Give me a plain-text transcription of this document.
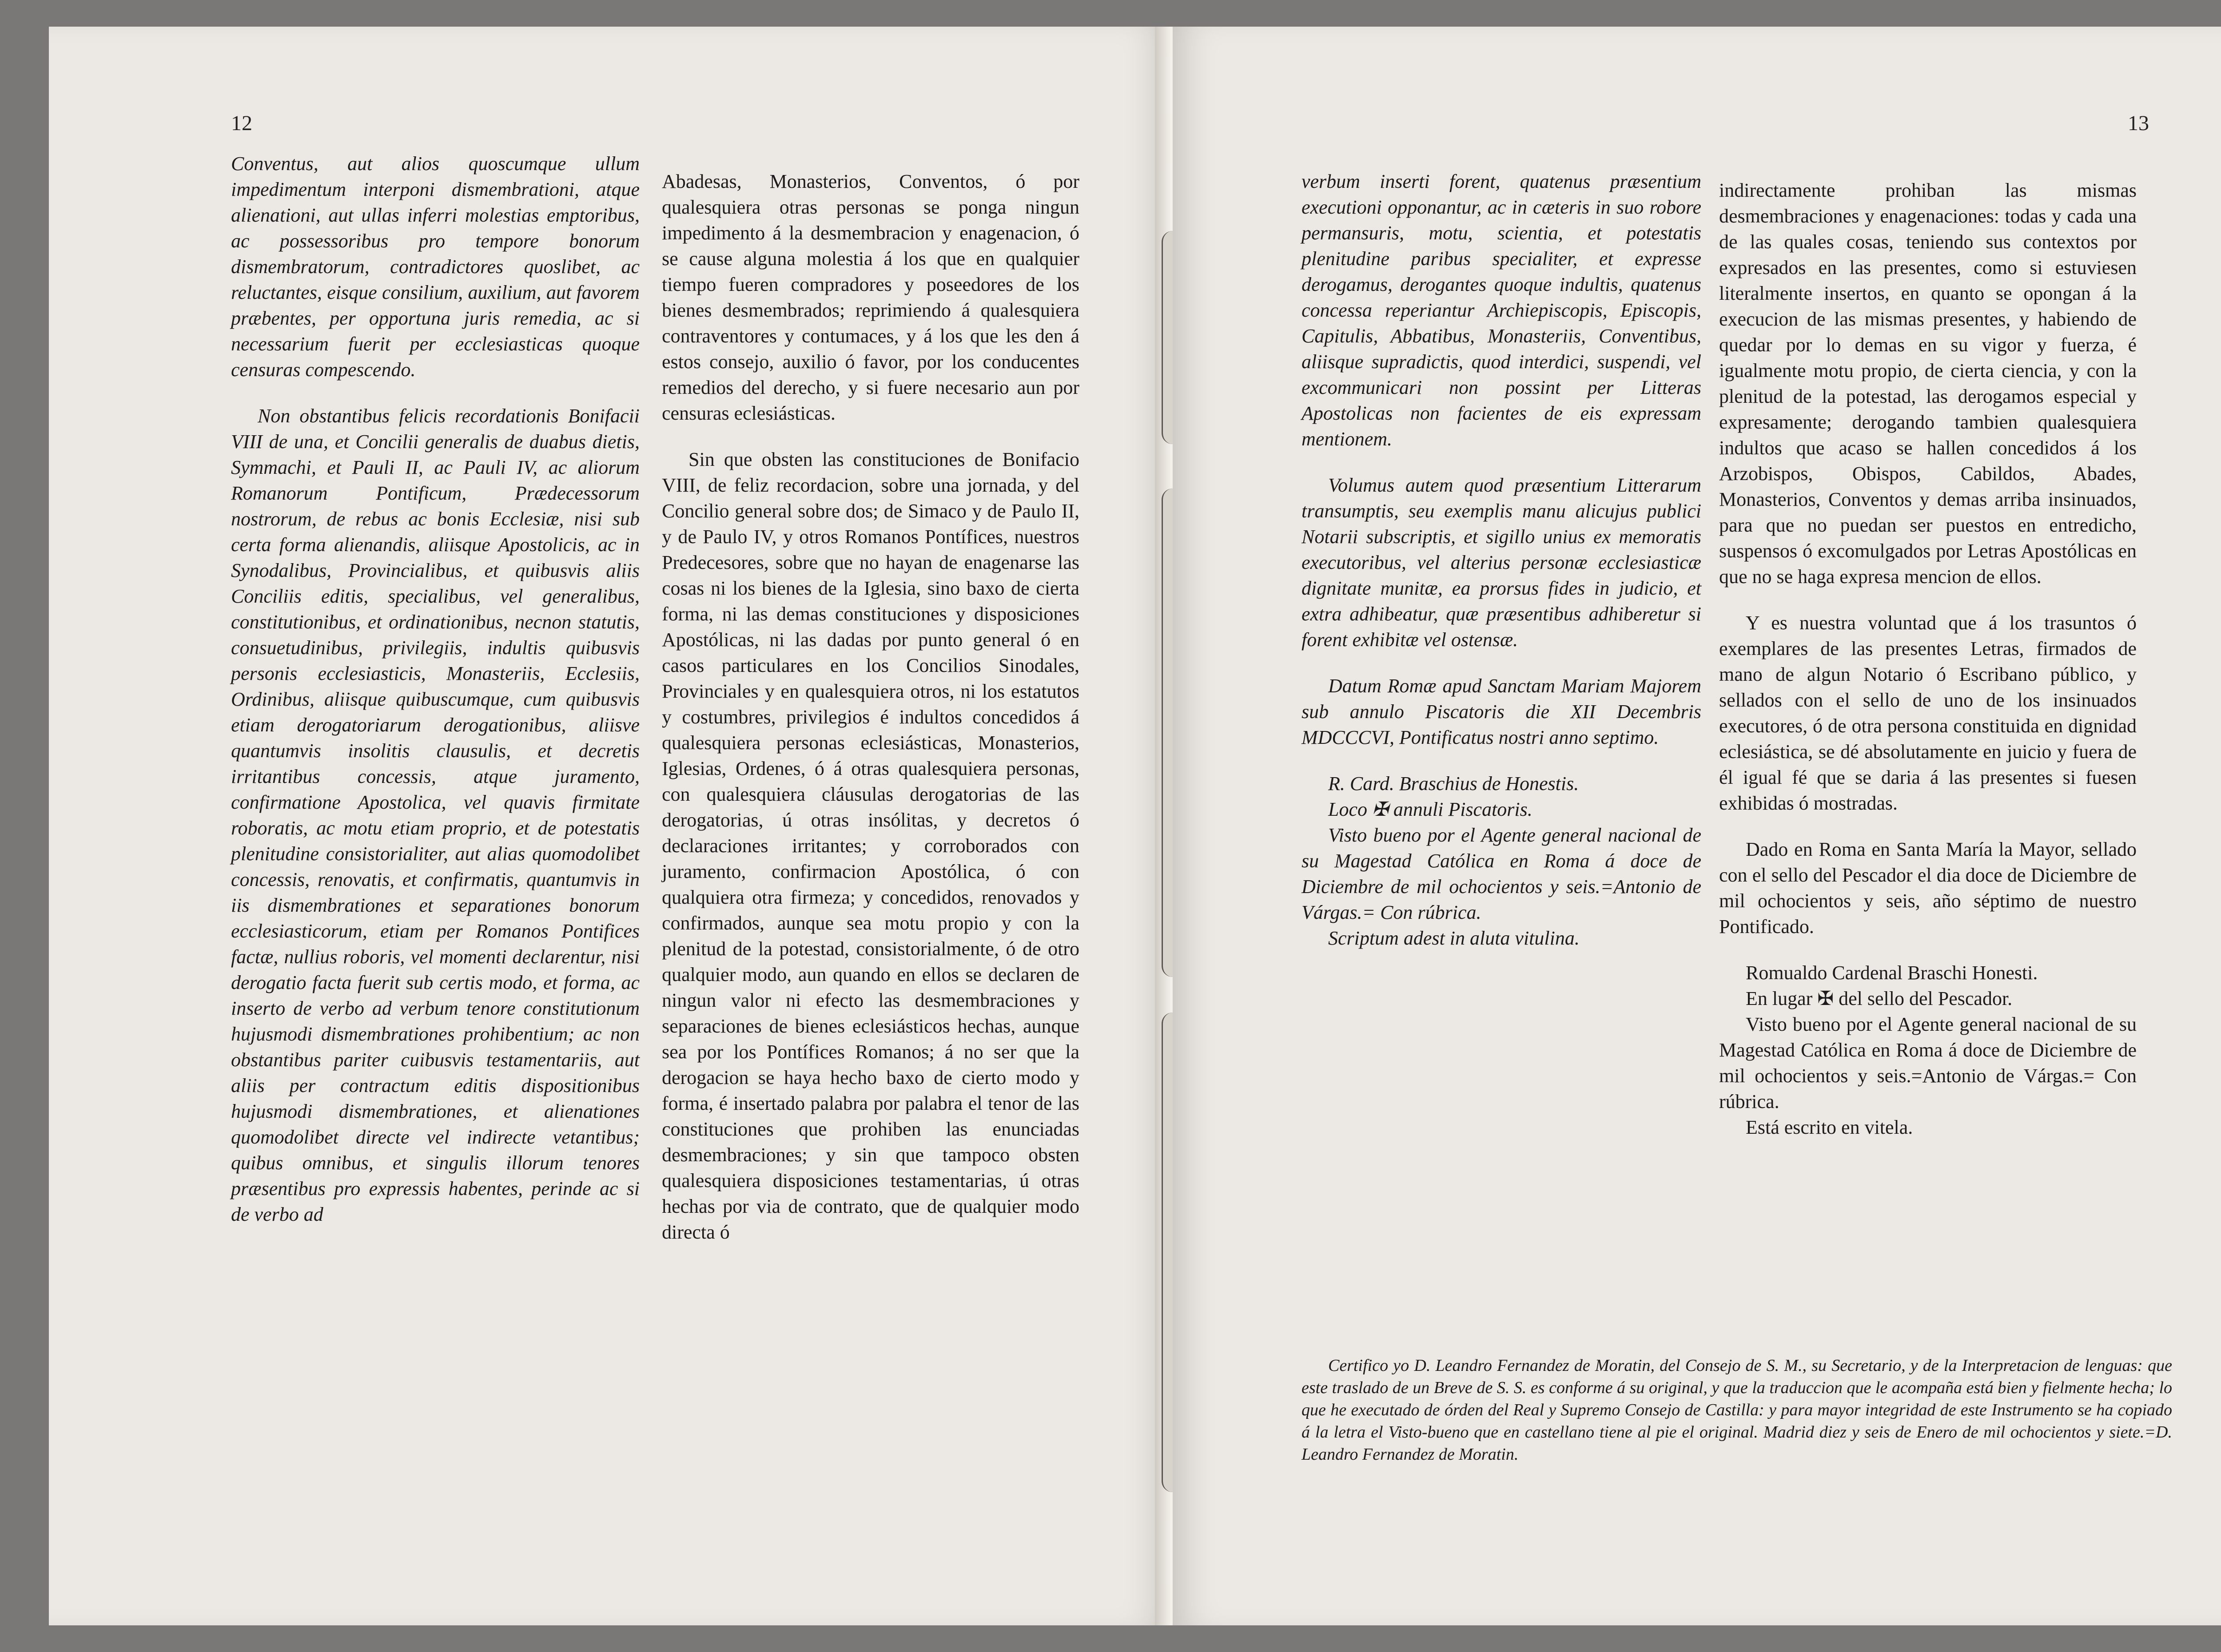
12

Conventus, aut alios quoscumque ullum impedimentum interponi dismembrationi, atque alienationi, aut ullas inferri molestias emptoribus, ac possessoribus pro tempore bonorum dismembratorum, contradictores quoslibet, ac reluctantes, eisque consilium, auxilium, aut favorem præbentes, per opportuna juris remedia, ac si necessarium fuerit per ecclesiasticas quoque censuras compescendo.

Non obstantibus felicis recordationis Bonifacii VIII de una, et Concilii generalis de duabus dietis, Symmachi, et Pauli II, ac Pauli IV, ac aliorum Romanorum Pontificum, Prædecessorum nostrorum, de rebus ac bonis Ecclesiæ, nisi sub certa forma alienandis, aliisque Apostolicis, ac in Synodalibus, Provincialibus, et quibusvis aliis Conciliis editis, specialibus, vel generalibus, constitutionibus, et ordinationibus, necnon statutis, consuetudinibus, privilegiis, indultis quibusvis personis ecclesiasticis, Monasteriis, Ecclesiis, Ordinibus, aliisque quibuscumque, cum quibusvis etiam derogatoriarum derogationibus, aliisve quantumvis insolitis clausulis, et decretis irritantibus concessis, atque juramento, confirmatione Apostolica, vel quavis firmitate roboratis, ac motu etiam proprio, et de potestatis plenitudine consistorialiter, aut alias quomodolibet concessis, renovatis, et confirmatis, quantumvis in iis dismembrationes et separationes bonorum ecclesiasticorum, etiam per Romanos Pontifices factæ, nullius roboris, vel momenti declarentur, nisi derogatio facta fuerit sub certis modo, et forma, ac inserto de verbo ad verbum tenore constitutionum hujusmodi dismembrationes prohibentium; ac non obstantibus pariter cuibusvis testamentariis, aut aliis per contractum editis dispositionibus hujusmodi dismembrationes, et alienationes quomodolibet directe vel indirecte vetantibus; quibus omnibus, et singulis illorum tenores præsentibus pro expressis habentes, perinde ac si de verbo ad

Abadesas, Monasterios, Conventos, ó por qualesquiera otras personas se ponga ningun impedimento á la desmembracion y enagenacion, ó se cause alguna molestia á los que en qualquier tiempo fueren compradores y poseedores de los bienes desmembrados; reprimiendo á qualesquiera contraventores y contumaces, y á los que les den á estos consejo, auxilio ó favor, por los conducentes remedios del derecho, y si fuere necesario aun por censuras eclesiásticas.

Sin que obsten las constituciones de Bonifacio VIII, de feliz recordacion, sobre una jornada, y del Concilio general sobre dos; de Simaco y de Paulo II, y de Paulo IV, y otros Romanos Pontífices, nuestros Predecesores, sobre que no hayan de enagenarse las cosas ni los bienes de la Iglesia, sino baxo de cierta forma, ni las demas constituciones y disposiciones Apostólicas, ni las dadas por punto general ó en casos particulares en los Concilios Sinodales, Provinciales y en qualesquiera otros, ni los estatutos y costumbres, privilegios é indultos concedidos á qualesquiera personas eclesiásticas, Monasterios, Iglesias, Ordenes, ó á otras qualesquiera personas, con qualesquiera cláusulas derogatorias de las derogatorias, ú otras insólitas, y decretos ó declaraciones irritantes; y corroborados con juramento, confirmacion Apostólica, ó con qualquiera otra firmeza; y concedidos, renovados y confirmados, aunque sea motu propio y con la plenitud de la potestad, consistorialmente, ó de otro qualquier modo, aun quando en ellos se declaren de ningun valor ni efecto las desmembraciones y separaciones de bienes eclesiásticos hechas, aunque sea por los Pontífices Romanos; á no ser que la derogacion se haya hecho baxo de cierto modo y forma, é insertado palabra por palabra el tenor de las constituciones que prohiben las enunciadas desmembraciones; y sin que tampoco obsten qualesquiera disposiciones testamentarias, ú otras hechas por via de contrato, que de qualquier modo directa ó

13

verbum inserti forent, quatenus præsentium executioni opponantur, ac in cæteris in suo robore permansuris, motu, scientia, et potestatis plenitudine paribus specialiter, et expresse derogamus, derogantes quoque indultis, quatenus concessa reperiantur Archiepiscopis, Episcopis, Capitulis, Abbatibus, Monasteriis, Conventibus, aliisque supradictis, quod interdici, suspendi, vel excommunicari non possint per Litteras Apostolicas non facientes de eis expressam mentionem.

Volumus autem quod præsentium Litterarum transumptis, seu exemplis manu alicujus publici Notarii subscriptis, et sigillo unius ex memoratis executoribus, vel alterius personæ ecclesiasticæ dignitate munitæ, ea prorsus fides in judicio, et extra adhibeatur, quæ præsentibus adhiberetur si forent exhibitæ vel ostensæ.

Datum Romæ apud Sanctam Mariam Majorem sub annulo Piscatoris die XII Decembris MDCCCVI, Pontificatus nostri anno septimo.

R. Card. Braschius de Honestis.

Loco ✠ annuli Piscatoris.

Visto bueno por el Agente general nacional de su Magestad Católica en Roma á doce de Diciembre de mil ochocientos y seis.=Antonio de Várgas.= Con rúbrica.

Scriptum adest in aluta vitulina.

indirectamente prohiban las mismas desmembraciones y enagenaciones: todas y cada una de las quales cosas, teniendo sus contextos por expresados en las presentes, como si estuviesen literalmente insertos, en quanto se opongan á la execucion de las mismas presentes, y habiendo de quedar por lo demas en su vigor y fuerza, é igualmente motu propio, de cierta ciencia, y con la plenitud de la potestad, las derogamos especial y expresamente; derogando tambien qualesquiera indultos que acaso se hallen concedidos á los Arzobispos, Obispos, Cabildos, Abades, Monasterios, Conventos y demas arriba insinuados, para que no puedan ser puestos en entredicho, suspensos ó excomulgados por Letras Apostólicas en que no se haga expresa mencion de ellos.

Y es nuestra voluntad que á los trasuntos ó exemplares de las presentes Letras, firmados de mano de algun Notario ó Escribano público, y sellados con el sello de uno de los insinuados executores, ó de otra persona constituida en dignidad eclesiástica, se dé absolutamente en juicio y fuera de él igual fé que se daria á las presentes si fuesen exhibidas ó mostradas.

Dado en Roma en Santa María la Mayor, sellado con el sello del Pescador el dia doce de Diciembre de mil ochocientos y seis, año séptimo de nuestro Pontificado.

Romualdo Cardenal Braschi Honesti.

En lugar ✠ del sello del Pescador.

Visto bueno por el Agente general nacional de su Magestad Católica en Roma á doce de Diciembre de mil ochocientos y seis.=Antonio de Várgas.= Con rúbrica.

Está escrito en vitela.

Certifico yo D. Leandro Fernandez de Moratin, del Consejo de S. M., su Secretario, y de la Interpretacion de lenguas: que este traslado de un Breve de S. S. es conforme á su original, y que la traduccion que le acompaña está bien y fielmente hecha; lo que he executado de órden del Real y Supremo Consejo de Castilla: y para mayor integridad de este Instrumento se ha copiado á la letra el Visto-bueno que en castellano tiene al pie el original. Madrid diez y seis de Enero de mil ochocientos y siete.=D. Leandro Fernandez de Moratin.
